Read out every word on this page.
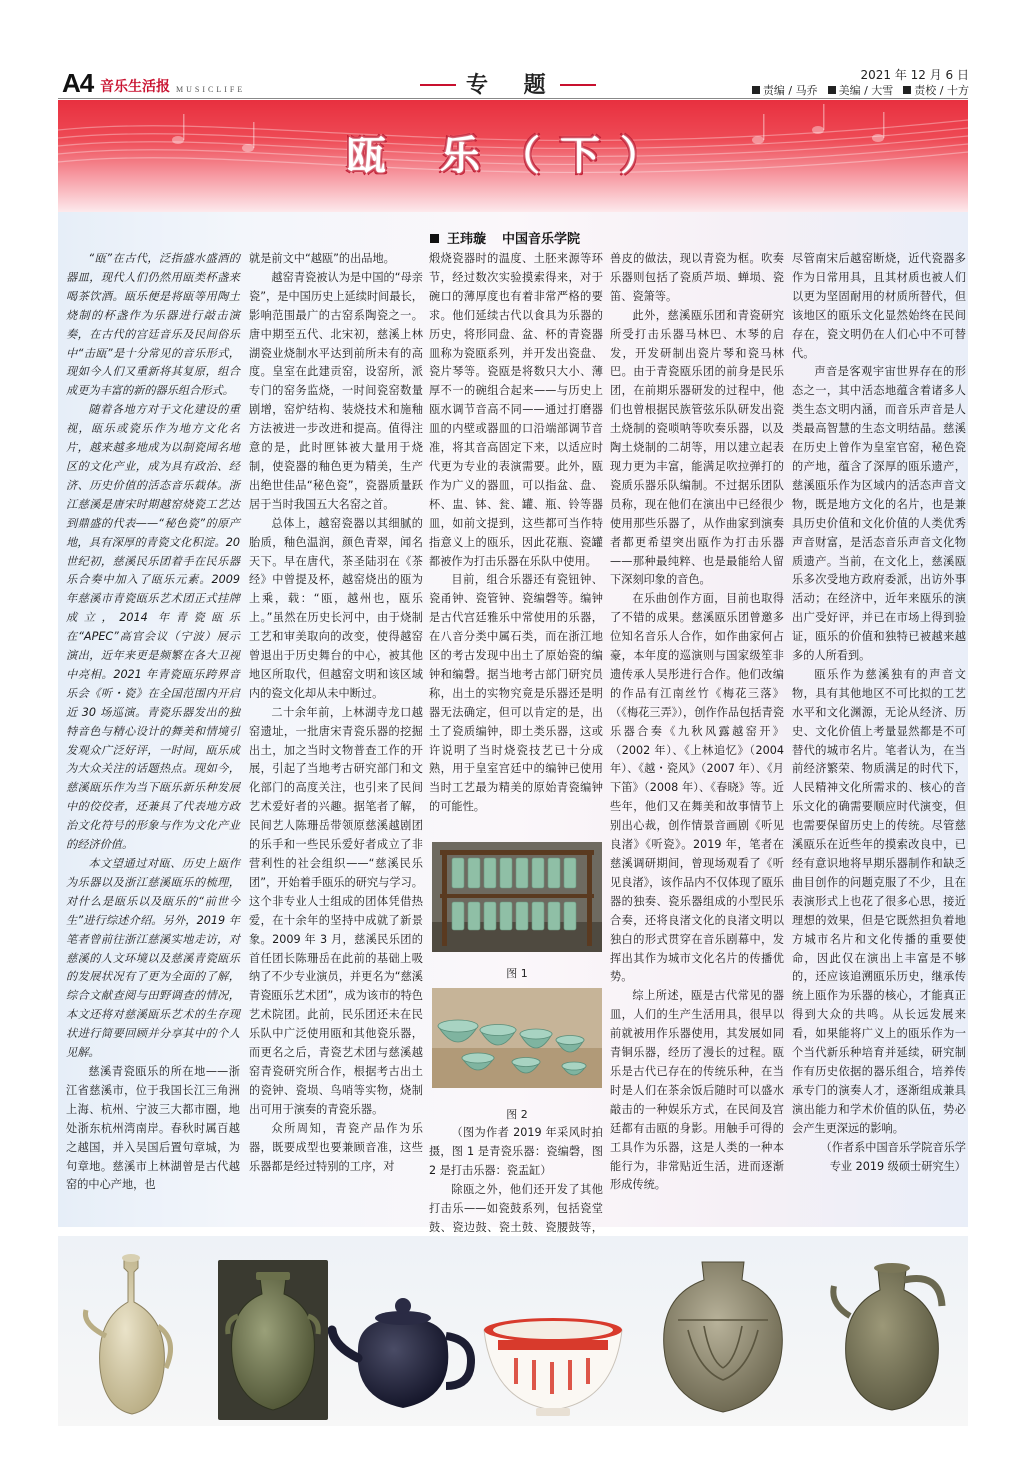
A4 音乐生活报 MUSICLIFE	专 题	2021 年 12 月 6 日
责编 / 马乔	美编 / 大雪	责校 / 十方
瓯 乐（下）
王玮璇 中国音乐学院

“瓯”在古代，泛指盛水盛酒的器皿，现代人们仍然用瓯类杯盏来喝茶饮酒。瓯乐便是将瓯等用陶土烧制的杯盏作为乐器进行敲击演奏，在古代的宫廷音乐及民间俗乐中“击瓯”是十分常见的音乐形式，现如今人们又重新将其复原，组合成更为丰富的新的器乐组合形式。

随着各地方对于文化建设的重视，瓯乐或瓷乐作为地方文化名片，越来越多地成为以制瓷闻名地区的文化产业，成为具有政治、经济、历史价值的活态音乐载体。浙江慈溪是唐宋时期越窑烧瓷工艺达到鼎盛的代表——“秘色瓷”的原产地，具有深厚的青瓷文化积淀。20 世纪初，慈溪民乐团着手在民乐器乐合奏中加入了瓯乐元素。2009 年慈溪市青瓷瓯乐艺术团正式挂牌成立，2014 年青瓷瓯乐在“APEC”高官会议（宁波）展示演出，近年来更是频繁在各大卫视中亮相。2021 年青瓷瓯乐跨界音乐会《听・瓷》在全国范围内开启近 30 场巡演。青瓷乐器发出的独特音色与精心设计的舞美和情境引发观众广泛好评，一时间，瓯乐成为大众关注的话题热点。现如今，慈溪瓯乐作为当下瓯乐新乐种发展中的佼佼者，还兼具了代表地方政治文化符号的形象与作为文化产业的经济价值。

本文望通过对瓯、历史上瓯作为乐器以及浙江慈溪瓯乐的梳理，对什么是瓯乐以及瓯乐的“前世今生”进行综述介绍。另外，2019 年笔者曾前往浙江慈溪实地走访，对慈溪的人文环境以及慈溪青瓷瓯乐的发展状况有了更为全面的了解，综合文献查阅与田野调查的情况，本文还将对慈溪瓯乐艺术的生存现状进行简要回顾并分享其中的个人见解。

慈溪青瓷瓯乐的所在地——浙江省慈溪市，位于我国长江三角洲上海、杭州、宁波三大都市圈，地处浙东杭州湾南岸。春秋时属百越之越国，并入吴国后置句章城，为句章地。慈溪市上林湖曾是古代越窑的中心产地，也

就是前文中“越瓯”的出品地。

越窑青瓷被认为是中国的“母亲瓷”，是中国历史上延续时间最长，影响范围最广的古窑系陶瓷之一。唐中期至五代、北宋初，慈溪上林湖瓷业烧制水平达到前所未有的高度。皇室在此建贡窑，设窑所，派专门的窑务监烧，一时间瓷窑数量剧增，窑炉结构、装烧技术和施釉方法被进一步改进和提高。值得注意的是，此时匣钵被大量用于烧制，使瓷器的釉色更为精美，生产出绝世佳品“秘色瓷”，瓷器质量跃居于当时我国五大名窑之首。

总体上，越窑瓷器以其细腻的胎质，釉色温润，颜色青翠，闻名天下。早在唐代，茶圣陆羽在《茶经》中曾提及杯，越窑烧出的瓯为上乘，载：“瓯，越州也，瓯乐上。”虽然在历史长河中，由于烧制工艺和审美取向的改变，使得越窑曾退出于历史舞台的中心，被其他地区所取代，但越窑文明和该区域内的瓷文化却从未中断过。

二十余年前，上林湖寺龙口越窑遗址，一批唐宋青瓷乐器的挖掘出土，加之当时文物普查工作的开展，引起了当地考古研究部门和文化部门的高度关注，也引来了民间艺术爱好者的兴趣。据笔者了解，民间艺人陈珊岳带领原慈溪越剧团的乐手和一些民乐爱好者成立了非营利性的社会组织——“慈溪民乐团”，开始着手瓯乐的研究与学习。这个非专业人士组成的团体凭借热爱，在十余年的坚持中成就了新景象。2009 年 3 月，慈溪民乐团的首任团长陈珊岳在此前的基础上吸纳了不少专业演员，并更名为“慈溪青瓷瓯乐艺术团”，成为该市的特色艺术院团。此前，民乐团还未在民乐队中广泛使用瓯和其他瓷乐器，而更名之后，青瓷艺术团与慈溪越窑青瓷研究所合作，根据考古出土的瓷钟、瓷埙、鸟哨等实物，烧制出可用于演奏的青瓷乐器。

众所周知，青瓷产品作为乐器，既要成型也要兼顾音准，这些乐器都是经过特别的工序，对

煅烧瓷器时的温度、土胚来源等环节，经过数次实验摸索得来，对于碗口的薄厚度也有着非常严格的要求。他们延续古代以食具为乐器的历史，将形同盘、盆、杯的青瓷器皿称为瓷瓯系列，并开发出瓷盘、瓷片琴等。瓷瓯是将数只大小、薄厚不一的碗组合起来——与历史上瓯水调节音高不同——通过打磨器皿的内壁或器皿的口沿端部调节音准，将其音高固定下来，以适应时代更为专业的表演需要。此外，瓯作为广义的器皿，可以指盆、盘、杯、盅、钵、瓮、罐、瓶、铃等器皿，如前文提到，这些都可当作特指意义上的瓯乐，因此花瓶、瓷罐都被作为打击乐器在乐队中使用。

目前，组合乐器还有瓷钮钟、瓷甬钟、瓷管钟、瓷编磬等。编钟是古代宫廷雅乐中常使用的乐器，在八音分类中属石类，而在浙江地区的考古发现中出土了原始瓷的编钟和编磬。据当地考古部门研究员称，出土的实物究竟是乐器还是明器无法确定，但可以肯定的是，出土了瓷质编钟，即土类乐器，这或许说明了当时烧瓷技艺已十分成熟，用于皇室宫廷中的编钟已使用当时工艺最为精美的原始青瓷编钟的可能性。

图 1
图 2

（图为作者 2019 年采风时拍摄，图 1 是青瓷乐器：瓷编磬，图 2 是打击乐器：瓷盂缸）

除瓯之外，他们还开发了其他打击乐——如瓷鼓系列，包括瓷堂鼓、瓷边鼓、瓷土鼓、瓷腰鼓等，

兽皮的做法，现以青瓷为框。吹奏乐器则包括了瓷质芦埙、蝉埙、瓷笛、瓷箫等。

此外，慈溪瓯乐团和青瓷研究所受打击乐器马林巴、木琴的启发，开发研制出瓷片琴和瓷马林巴。由于青瓷瓯乐团的前身是民乐团，在前期乐器研发的过程中，他们也曾根据民族管弦乐队研发出瓷土烧制的瓷唢呐等吹奏乐器，以及陶土烧制的二胡等，用以建立起表现力更为丰富，能满足吹拉弹打的瓷质乐器乐队编制。不过据乐团队员称，现在他们在演出中已经很少使用那些乐器了，从作曲家到演奏者都更希望突出瓯作为打击乐器——那种最纯粹、也是最能给人留下深刻印象的音色。

在乐曲创作方面，目前也取得了不错的成果。慈溪瓯乐团曾邀多位知名音乐人合作，如作曲家何占豪，本年度的巡演则与国家级笙非遗传承人吴彤进行合作。他们改编的作品有江南丝竹《梅花三落》（《梅花三弄》），创作作品包括青瓷乐器合奏《九秋风露越窑开》（2002 年）、《上林追忆》（2004 年）、《越・瓷风》（2007 年）、《月下笛》（2008 年）、《春晓》等。近些年，他们又在舞美和故事情节上别出心裁，创作情景音画剧《听见良渚》《听瓷》。2019 年，笔者在慈溪调研期间，曾现场观看了《听见良渚》，该作品内不仅体现了瓯乐器的独奏、瓷乐器组成的小型民乐合奏，还将良渚文化的良渚文明以独白的形式贯穿在音乐剧幕中，发挥出其作为城市文化名片的传播优势。

综上所述，瓯是古代常见的器皿，人们的生产生活用具，很早以前就被用作乐器使用，其发展如同青铜乐器，经历了漫长的过程。瓯乐是古代已存在的传统乐种，在当时是人们在茶余饭后随时可以盛水敲击的一种娱乐方式，在民间及宫廷都有击瓯的身影。用触手可得的工具作为乐器，这是人类的一种本能行为，非常贴近生活，进而逐渐形成传统。

尽管南宋后越窑断烧，近代瓷器多作为日常用具，且其材质也被人们以更为坚固耐用的材质所替代，但该地区的瓯乐文化显然始终在民间存在，瓷文明仍在人们心中不可替代。

声音是客观宇宙世界存在的形态之一，其中活态地蕴含着诸多人类生态文明内涵，而音乐声音是人类最高智慧的生态文明结晶。慈溪在历史上曾作为皇室官窑，秘色瓷的产地，蕴含了深厚的瓯乐遗产，慈溪瓯乐作为区域内的活态声音文物，既是地方文化的名片，也是兼具历史价值和文化价值的人类优秀声音财富，是活态音乐声音文化物质遗产。当前，在文化上，慈溪瓯乐多次受地方政府委派，出访外事活动；在经济中，近年来瓯乐的演出广受好评，并已在市场上得到验证，瓯乐的价值和独特已被越来越多的人所看到。

瓯乐作为慈溪独有的声音文物，具有其他地区不可比拟的工艺水平和文化渊源，无论从经济、历史、文化价值上考量显然都是不可替代的城市名片。笔者认为，在当前经济繁荣、物质满足的时代下，人民精神文化所需求的、核心的音乐文化的确需要顺应时代演变，但也需要保留历史上的传统。尽管慈溪瓯乐在近些年的摸索改良中，已经有意识地将早期乐器制作和缺乏曲目创作的问题克服了不少，且在表演形式上也花了很多心思，接近理想的效果，但是它既然担负着地方城市名片和文化传播的重要使命，因此仅在演出上丰富是不够的，还应该追溯瓯乐历史，继承传统上瓯作为乐器的核心，才能真正得到大众的共鸣。从长远发展来看，如果能将广义上的瓯乐作为一个当代新乐种培育并延续，研究制作有历史依据的器乐组合，培养传承专门的演奏人才，逐渐组成兼具演出能力和学术价值的队伍，势必会产生更深远的影响。

（作者系中国音乐学院音乐学专业 2019 级硕士研究生）
